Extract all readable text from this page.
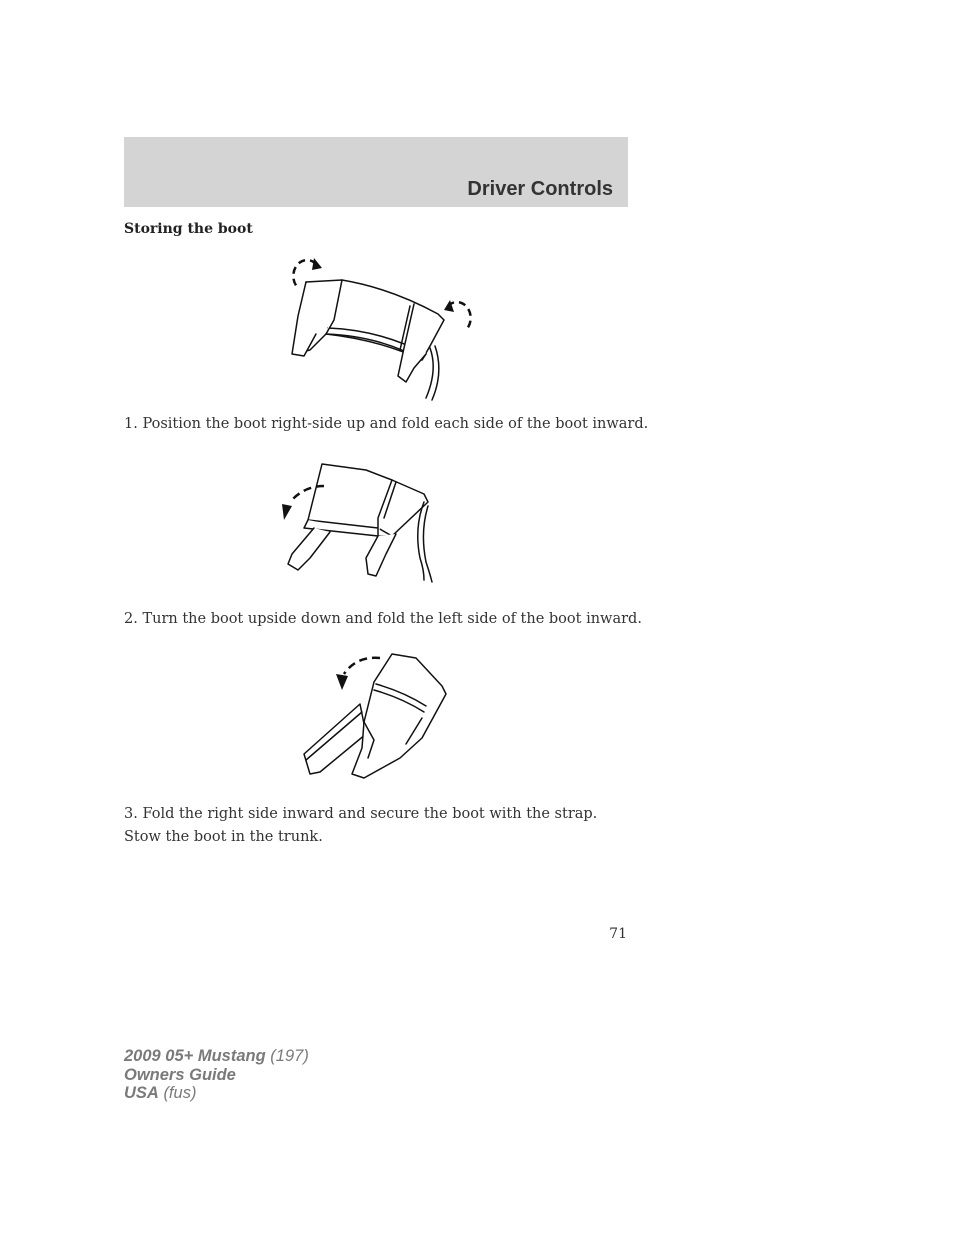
Driver Controls
Storing the boot
1. Position the boot right-side up and fold each side of the boot inward.
2. Turn the boot upside down and fold the left side of the boot inward.
3. Fold the right side inward and secure the boot with the strap.
Stow the boot in the trunk.
71
2009 05+ Mustang (197)
Owners Guide
USA (fus)
